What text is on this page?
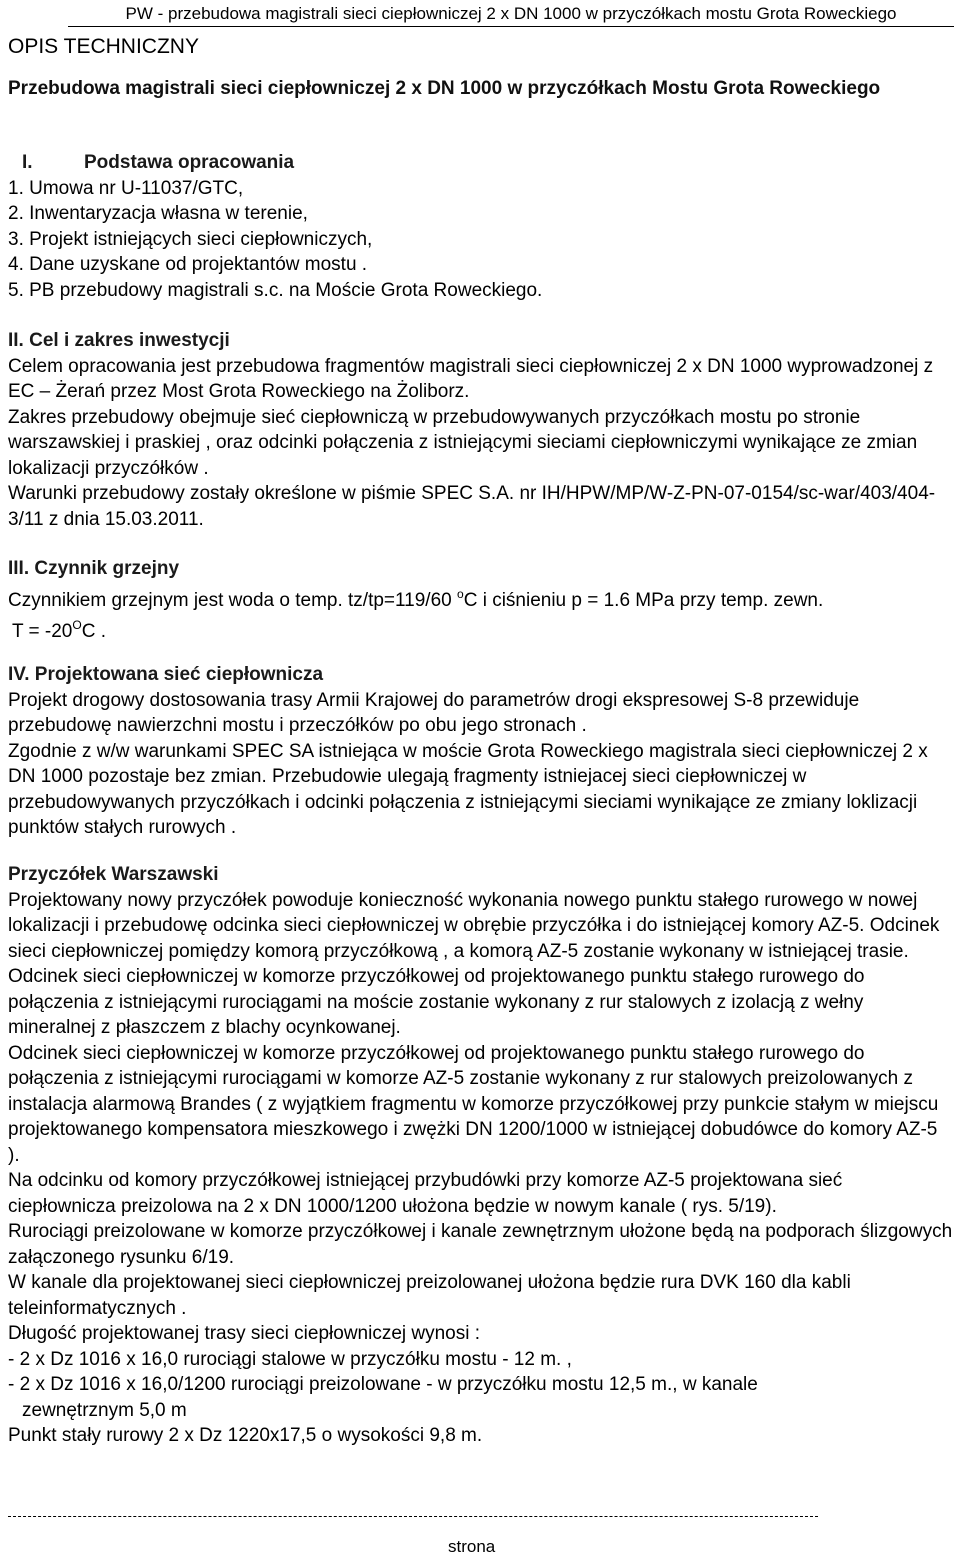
PW - przebudowa magistrali sieci ciepłowniczej 2 x DN 1000 w przyczółkach mostu Grota Roweckiego
OPIS TECHNICZNY
Przebudowa magistrali sieci ciepłowniczej 2 x DN 1000 w przyczółkach Mostu Grota Roweckiego

I.	Podstawa opracowania

1. Umowa nr U-11037/GTC,

2. Inwentaryzacja własna w terenie,

3. Projekt istniejących sieci ciepłowniczych,

4. Dane uzyskane od projektantów mostu .

5. PB przebudowy magistrali s.c. na Moście Grota Roweckiego.

II. Cel i zakres inwestycji

Celem opracowania jest przebudowa fragmentów magistrali sieci ciepłowniczej 2 x DN 1000 wyprowadzonej z EC – Żerań przez Most Grota Roweckiego na Żoliborz.

Zakres przebudowy obejmuje sieć ciepłowniczą w przebudowywanych przyczółkach mostu po stronie warszawskiej i praskiej , oraz odcinki połączenia z istniejącymi sieciami ciepłowniczymi wynikające ze zmian lokalizacji przyczółków .

Warunki przebudowy zostały określone w piśmie SPEC S.A. nr IH/HPW/MP/W-Z-PN-07-0154/sc-war/403/404-3/11 z dnia 15.03.2011.

III. Czynnik grzejny

Czynnikiem grzejnym jest woda o temp. tz/tp=119/60 $^o$C i ciśnieniu p = 1.6 MPa przy temp. zewn.

$T = -20^OC$ .

IV. Projektowana sieć ciepłownicza

Projekt drogowy dostosowania trasy Armii Krajowej do parametrów drogi ekspresowej S-8 przewiduje przebudowę nawierzchni mostu i przeczółków po obu jego stronach .

Zgodnie z w/w warunkami SPEC SA istniejąca w moście Grota Roweckiego magistrala sieci ciepłowniczej 2 x DN 1000 pozostaje bez zmian. Przebudowie ulegają fragmenty istniejacej sieci ciepłowniczej w przebudowywanych przyczółkach i odcinki połączenia z istniejącymi sieciami wynikające ze zmiany loklizacji punktów stałych rurowych .

Przyczółek Warszawski

Projektowany nowy przyczółek powoduje konieczność wykonania nowego punktu stałego rurowego w nowej lokalizacji i przebudowę odcinka sieci ciepłowniczej w obrębie przyczółka i do istniejącej komory AZ-5. Odcinek sieci ciepłowniczej pomiędzy komorą przyczółkową , a komorą AZ-5 zostanie wykonany w istniejącej trasie.

Odcinek sieci ciepłowniczej w komorze przyczółkowej od projektowanego punktu stałego rurowego do połączenia z istniejącymi rurociągami na moście zostanie wykonany z rur stalowych z izolacją z wełny mineralnej z płaszczem z blachy ocynkowanej.

Odcinek sieci ciepłowniczej w komorze przyczółkowej od projektowanego punktu stałego rurowego do połączenia z istniejącymi rurociągami w komorze AZ-5 zostanie wykonany z rur stalowych preizolowanych z instalacja alarmową Brandes ( z wyjątkiem fragmentu w komorze przyczółkowej przy punkcie stałym w miejscu projektowanego kompensatora mieszkowego i zwężki DN 1200/1000 w istniejącej dobudówce do komory AZ-5 ).

Na odcinku od komory przyczółkowej istniejącej przybudówki przy komorze AZ-5 projektowana sieć ciepłownicza preizolowa na 2 x DN 1000/1200 ułożona będzie w nowym kanale ( rys. 5/19).

Rurociągi preizolowane w komorze przyczółkowej i kanale zewnętrznym ułożone będą na podporach ślizgowych załączonego rysunku 6/19.

W kanale dla projektowanej sieci ciepłowniczej preizolowanej ułożona będzie rura DVK 160 dla kabli teleinformatycznych .

Długość projektowanej trasy sieci ciepłowniczej wynosi :

- 2 x Dz 1016 x 16,0 rurociągi stalowe w przyczółku mostu - 12 m. ,

- 2 x Dz 1016 x 16,0/1200 rurociągi preizolowane - w przyczółku mostu 12,5 m., w kanale

zewnętrznym 5,0 m

Punkt stały rurowy 2 x Dz 1220x17,5 o wysokości 9,8 m.

strona
